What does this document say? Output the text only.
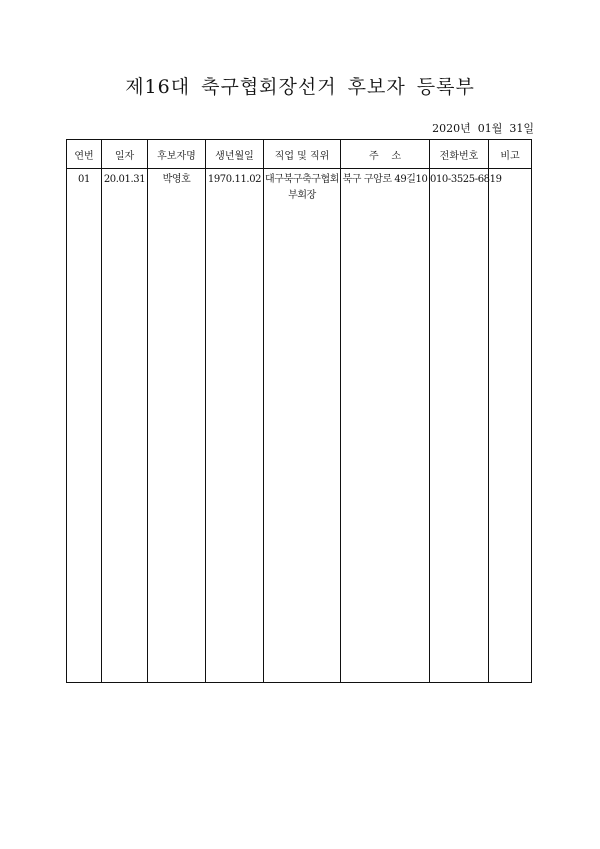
제16대 축구협회장선거 후보자 등록부
2020년  01월  31일
연번	일자	후보자명	생년월일	직업 및 직위	주    소	전화번호	비고
01	20.01.31	박영호	1970.11.02	대구북구축구협회 부회장	북구 구암로 49길10	010-3525-6819	
